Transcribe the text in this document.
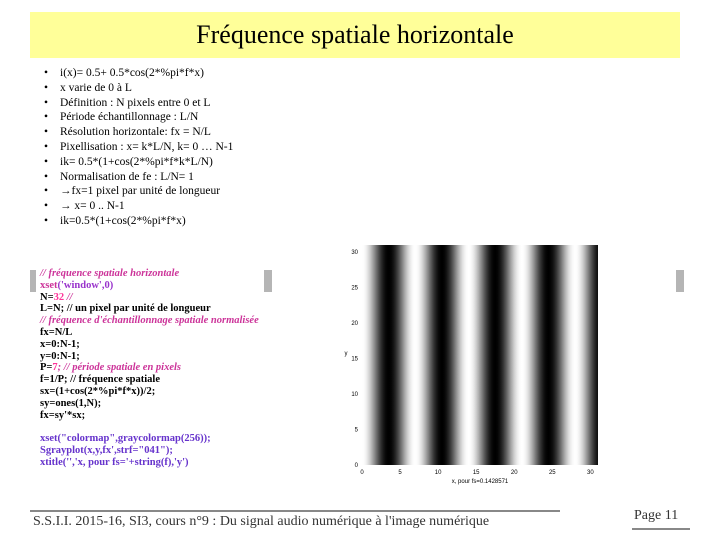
Fréquence spatiale horizontale
• i(x)= 0.5+ 0.5*cos(2*%pi*f*x)
• x varie de 0 à L
• Définition : N pixels entre 0 et L
• Période échantillonnage : L/N
• Résolution horizontale: fx = N/L
• Pixellisation : x= k*L/N, k= 0 … N-1
• ik= 0.5*(1+cos(2*%pi*f*k*L/N)
• Normalisation de fe : L/N= 1
• →fx=1 pixel par unité de longueur
• → x= 0 .. N-1
• ik=0.5*(1+cos(2*%pi*f*x)
// fréquence spatiale horizontale
xset('window',0)
N=32 //
L=N; // un pixel par unité de longueur
// fréquence d'échantillonnage spatiale normalisée
fx=N/L
x=0:N-1;
y=0:N-1;
P=7; // période spatiale en pixels
f=1/P; // fréquence spatiale
sx=(1+cos(2*%pi*f*x))/2;
sy=ones(1,N);
fx=sy'*sx;
xset("colormap",graycolormap(256));
Sgrayplot(x,y,fx',strf="041");
xtitle('','x, pour fs='+string(f),'y')	0
5
10
15
20
25
30
0	5	10	15	20	25	30
x, pour fs=0.1428571
y
S.S.I.I. 2015-16, SI3, cours n°9 : Du signal audio numérique à l'image numérique	Page 11
